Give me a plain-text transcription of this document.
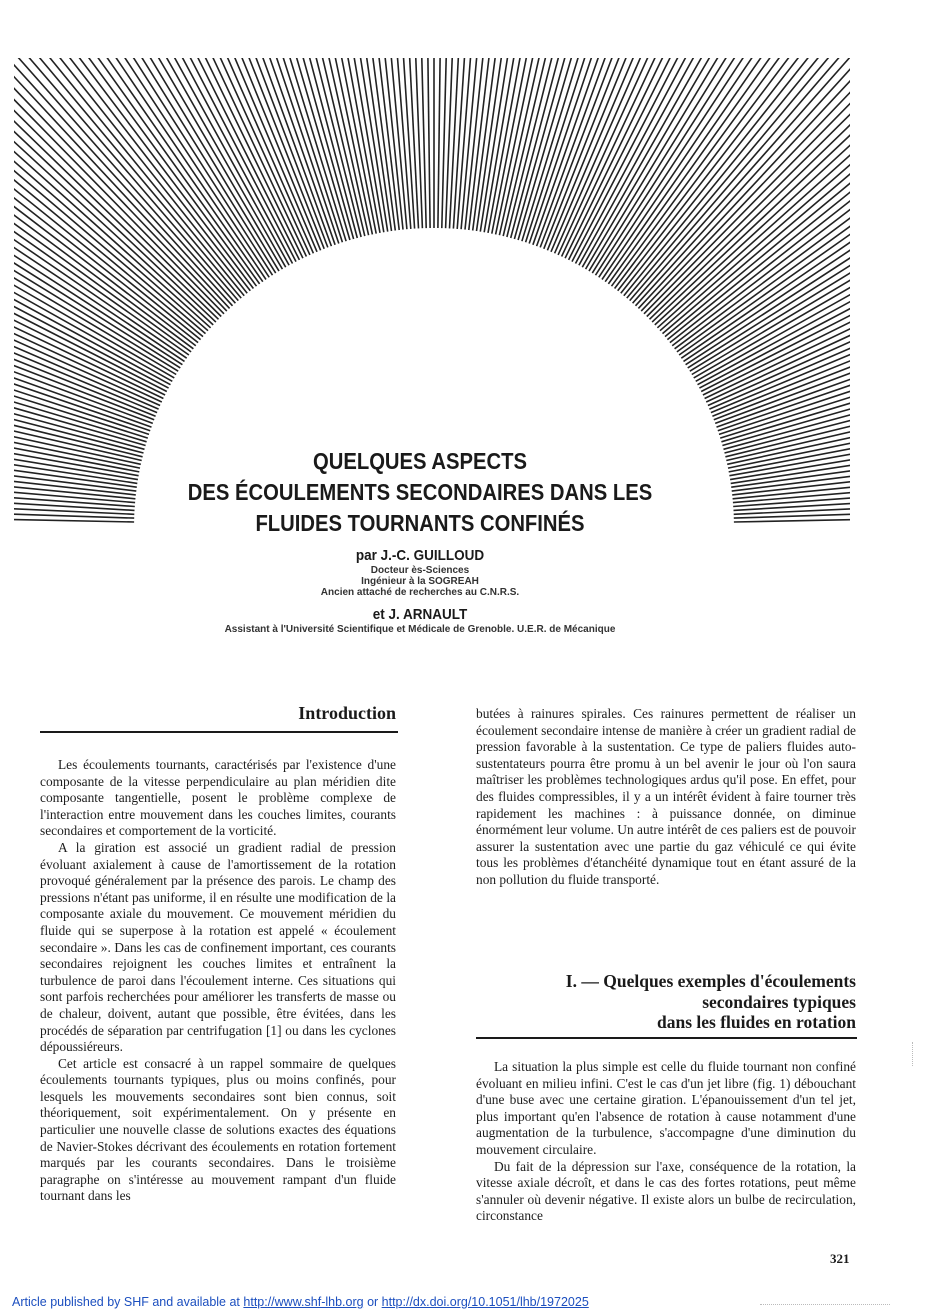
QUELQUES ASPECTS
DES ÉCOULEMENTS SECONDAIRES DANS LES
FLUIDES TOURNANTS CONFINÉS
par J.-C. GUILLOUD
Docteur ès-Sciences
Ingénieur à la SOGREAH
Ancien attaché de recherches au C.N.R.S.
et J. ARNAULT
Assistant à l'Université Scientifique et Médicale de Grenoble. U.E.R. de Mécanique
Introduction

Les écoulements tournants, caractérisés par l'existence d'une composante de la vitesse perpendiculaire au plan méridien dite composante tangentielle, posent le problème complexe de l'interaction entre mouvement dans les couches limites, courants secondaires et comportement de la vorticité.

A la giration est associé un gradient radial de pression évoluant axialement à cause de l'amortissement de la rotation provoqué généralement par la présence des parois. Le champ des pressions n'étant pas uniforme, il en résulte une modification de la composante axiale du mouvement. Ce mouvement méridien du fluide qui se superpose à la rotation est appelé « écoulement secondaire ». Dans les cas de confinement important, ces courants secondaires rejoignent les couches limites et entraînent la turbulence de paroi dans l'écoulement interne. Ces situations qui sont parfois recherchées pour améliorer les transferts de masse ou de chaleur, doivent, autant que possible, être évitées, dans les procédés de séparation par centrifugation [1] ou dans les cyclones dépoussiéreurs.

Cet article est consacré à un rappel sommaire de quelques écoulements tournants typiques, plus ou moins confinés, pour lesquels les mouvements secondaires sont bien connus, soit théoriquement, soit expérimentalement. On y présente en particulier une nouvelle classe de solutions exactes des équations de Navier-Stokes décrivant des écoulements en rotation fortement marqués par les courants secondaires. Dans le troisième paragraphe on s'intéresse au mouvement rampant d'un fluide tournant dans les

butées à rainures spirales. Ces rainures permettent de réaliser un écoulement secondaire intense de manière à créer un gradient radial de pression favorable à la sustentation. Ce type de paliers fluides auto-sustentateurs pourra être promu à un bel avenir le jour où l'on saura maîtriser les problèmes technologiques ardus qu'il pose. En effet, pour des fluides compressibles, il y a un intérêt évident à faire tourner très rapidement les machines : à puissance donnée, on diminue énormément leur volume. Un autre intérêt de ces paliers est de pouvoir assurer la sustentation avec une partie du gaz véhiculé ce qui évite tous les problèmes d'étanchéité dynamique tout en étant assuré de la non pollution du fluide transporté.

I. — Quelques exemples d'écoulements
secondaires typiques
dans les fluides en rotation

La situation la plus simple est celle du fluide tournant non confiné évoluant en milieu infini. C'est le cas d'un jet libre (fig. 1) débouchant d'une buse avec une certaine giration. L'épanouissement d'un tel jet, plus important qu'en l'absence de rotation à cause notamment d'une augmentation de la turbulence, s'accompagne d'une diminution du mouvement circulaire.

Du fait de la dépression sur l'axe, conséquence de la rotation, la vitesse axiale décroît, et dans le cas des fortes rotations, peut même s'annuler où devenir négative. Il existe alors un bulbe de recirculation, circonstance

321
Article published by SHF and available at http://www.shf-lhb.org or http://dx.doi.org/10.1051/lhb/1972025
